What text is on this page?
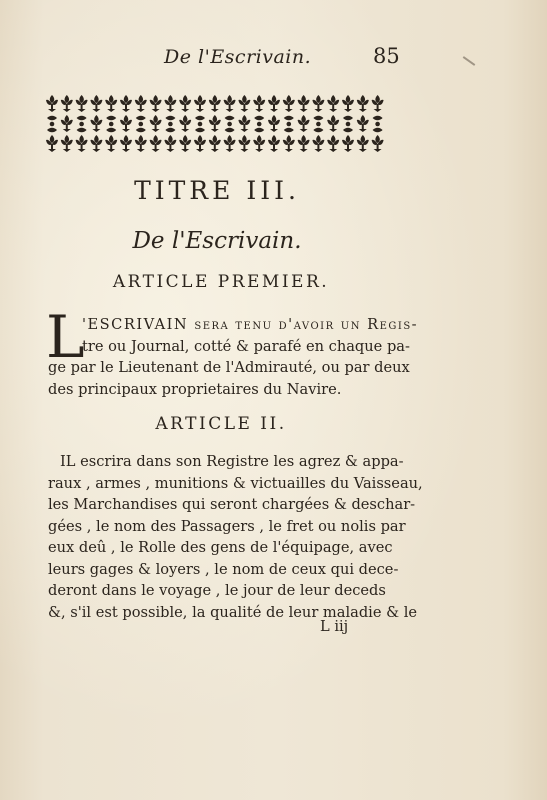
De l'Escrivain.	85
TITRE III.
De l'Escrivain.
ARTICLE PREMIER.
L
'ESCRIVAIN sera tenu d'avoir un Regis-
tre ou Journal, cotté & parafé en chaque pa-
ge par le Lieutenant de l'Admirauté, ou par deux
des principaux proprietaires du Navire.
ARTICLE II.
IL escrira dans son Registre les agrez & appa-
raux , armes , munitions & victuailles du Vaisseau,
les Marchandises qui seront chargées & deschar-
gées , le nom des Passagers , le fret ou nolis par
eux deû , le Rolle des gens de l'équipage, avec
leurs gages & loyers , le nom de ceux qui dece-
deront dans le voyage , le jour de leur deceds
&, s'il est possible, la qualité de leur maladie & le
L iij
